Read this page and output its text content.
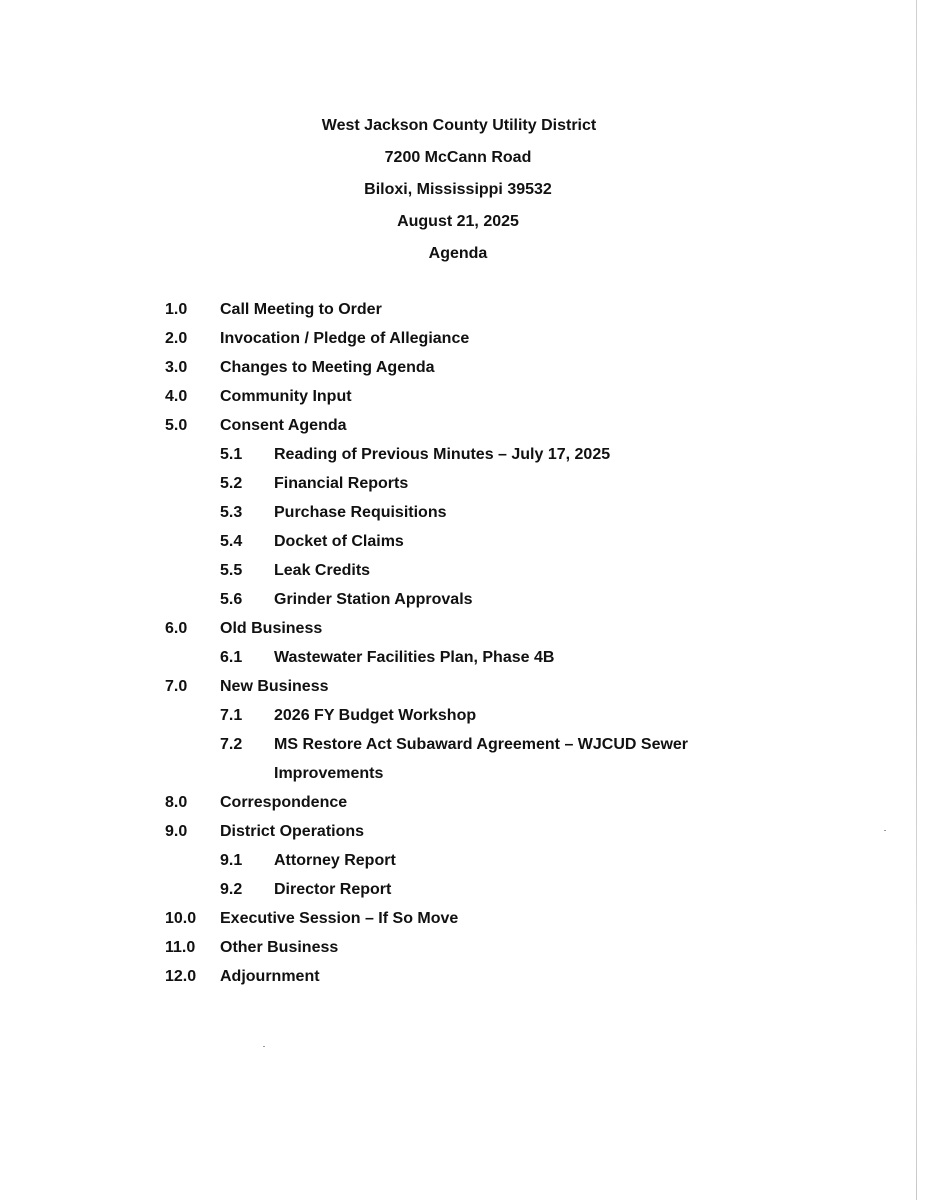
West Jackson County Utility District
7200 McCann Road
Biloxi, Mississippi 39532
August 21, 2025
Agenda
1.0 Call Meeting to Order
2.0 Invocation / Pledge of Allegiance
3.0 Changes to Meeting Agenda
4.0 Community Input
5.0 Consent Agenda
5.1 Reading of Previous Minutes – July 17, 2025
5.2 Financial Reports
5.3 Purchase Requisitions
5.4 Docket of Claims
5.5 Leak Credits
5.6 Grinder Station Approvals
6.0 Old Business
6.1 Wastewater Facilities Plan, Phase 4B
7.0 New Business
7.1 2026 FY Budget Workshop
7.2 MS Restore Act Subaward Agreement – WJCUD Sewer
Improvements
8.0 Correspondence
9.0 District Operations
9.1 Attorney Report
9.2 Director Report
10.0 Executive Session – If So Move
11.0 Other Business
12.0 Adjournment
